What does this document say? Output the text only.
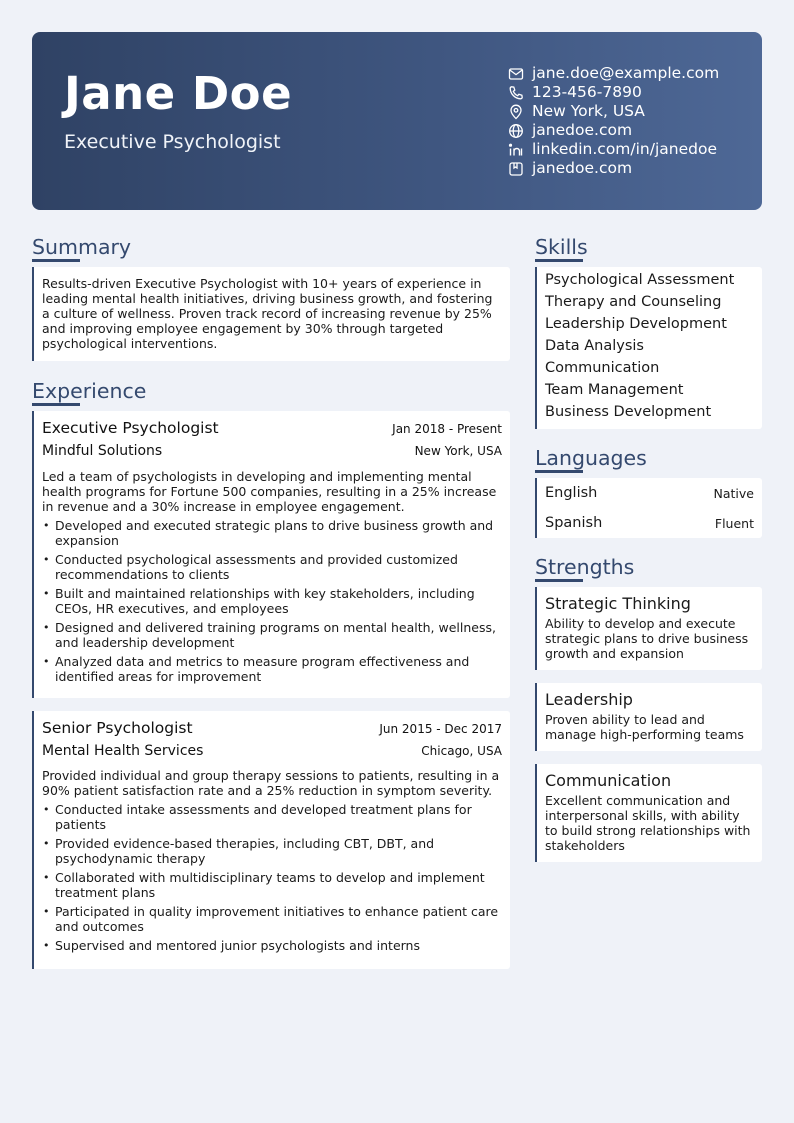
Jane Doe
Executive Psychologist
jane.doe@example.com
123-456-7890
New York, USA
janedoe.com
linkedin.com/in/janedoe
janedoe.com
Summary
Results-driven Executive Psychologist with 10+ years of experience in leading mental health initiatives, driving business growth, and fostering a culture of wellness. Proven track record of increasing revenue by 25% and improving employee engagement by 30% through targeted psychological interventions.
Experience
Executive Psychologist	Jan 2018 - Present
Mindful Solutions	New York, USA
Led a team of psychologists in developing and implementing mental health programs for Fortune 500 companies, resulting in a 25% increase in revenue and a 30% increase in employee engagement.
• Developed and executed strategic plans to drive business growth and expansion
• Conducted psychological assessments and provided customized recommendations to clients
• Built and maintained relationships with key stakeholders, including CEOs, HR executives, and employees
• Designed and delivered training programs on mental health, wellness, and leadership development
• Analyzed data and metrics to measure program effectiveness and identified areas for improvement
Senior Psychologist	Jun 2015 - Dec 2017
Mental Health Services	Chicago, USA
Provided individual and group therapy sessions to patients, resulting in a 90% patient satisfaction rate and a 25% reduction in symptom severity.
• Conducted intake assessments and developed treatment plans for patients
• Provided evidence-based therapies, including CBT, DBT, and psychodynamic therapy
• Collaborated with multidisciplinary teams to develop and implement treatment plans
• Participated in quality improvement initiatives to enhance patient care and outcomes
• Supervised and mentored junior psychologists and interns
Skills
Psychological Assessment
Therapy and Counseling
Leadership Development
Data Analysis
Communication
Team Management
Business Development
Languages
English	Native
Spanish	Fluent
Strengths
Strategic Thinking
Ability to develop and execute strategic plans to drive business growth and expansion
Leadership
Proven ability to lead and manage high-performing teams
Communication
Excellent communication and interpersonal skills, with ability to build strong relationships with stakeholders
